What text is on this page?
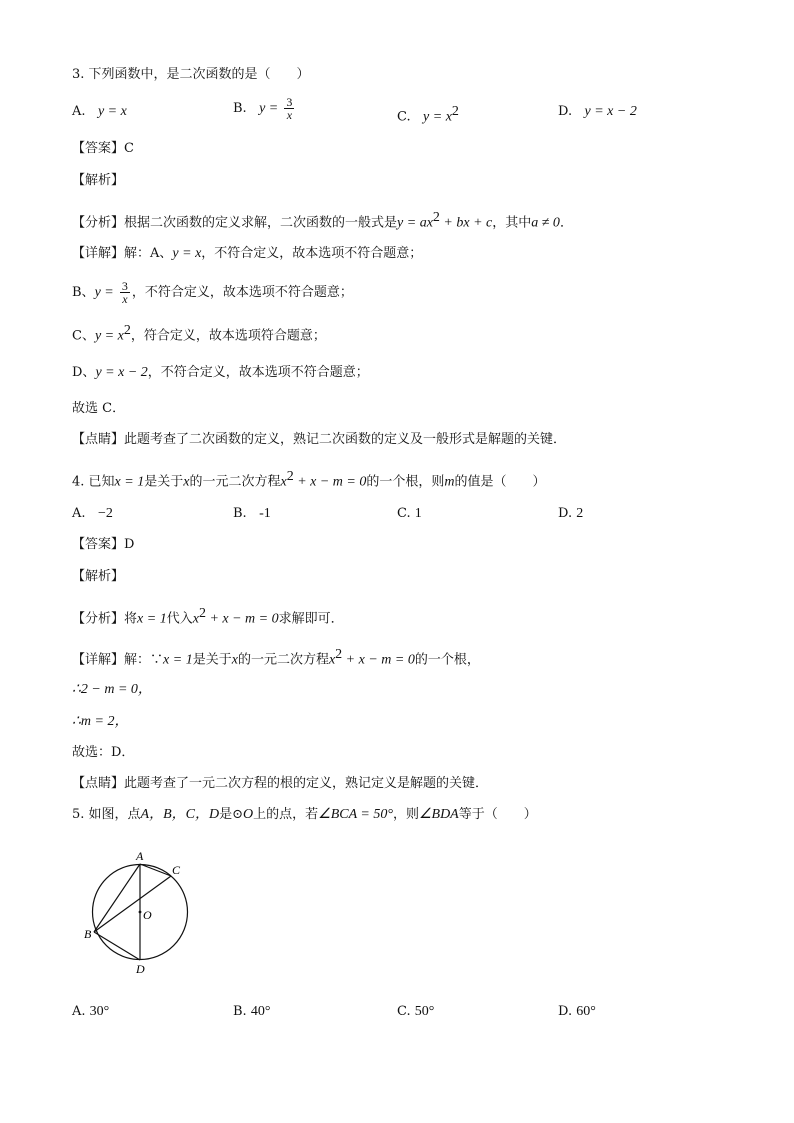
3. 下列函数中，是二次函数的是（　　）
A. y = x	B. $y = \frac{3}{x}$	C. $y = x^2$	D. y = x − 2
【答案】C
【解析】
【分析】根据二次函数的定义求解，二次函数的一般式是$y = ax^2$ + bx + c，其中a ≠ 0．
【详解】解：A、y = x，不符合定义，故本选项不符合题意；
B、$y = \frac{3}{x}$ ，不符合定义，故本选项不符合题意；
C、$y = x^2$，符合定义，故本选项符合题意；
D、y = x − 2，不符合定义，故本选项不符合题意；
故选 C．
【点睛】此题考查了二次函数的定义，熟记二次函数的定义及一般形式是解题的关键．
4. 已知x = 1是关于x的一元二次方程$x^2 + x - m = 0$的一个根，则m的值是（　　）
A. −2	B. -1	C. 1	D. 2
【答案】D
【解析】
【分析】将x = 1代入$x^2 + x - m = 0$求解即可．
【详解】解：∵x = 1是关于x的一元二次方程$x^2 + x - m = 0$的一个根，
∴2 − m = 0，
∴m = 2，
故选：D．
【点睛】此题考查了一元二次方程的根的定义，熟记定义是解题的关键．
5. 如图，点A，B，C，D是⊙O上的点，若∠BCA = 50°，则∠BDA等于（　　）
A
C
O
B
D
A. 30°	B. 40°	C. 50°	D. 60°
